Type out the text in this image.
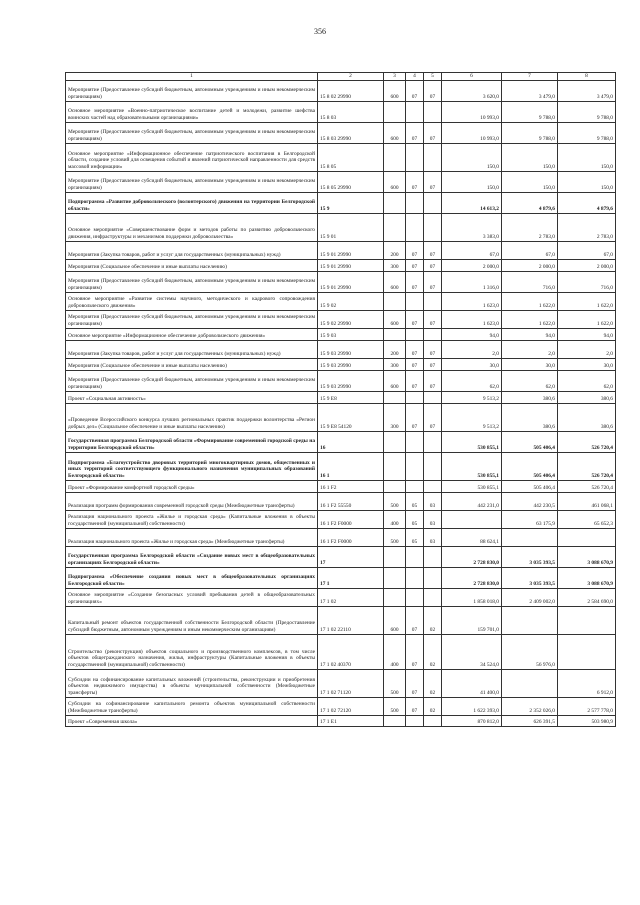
356
1	2	3	4	5	6	7	8
Мероприятие (Предоставление субсидий бюджетным, автономным учреждениям и иным некоммерческим организациям)	15 8 02 29990	600	07	07	3 620,0	3 479,0	3 479,0
Основное мероприятие «Военно-патриотическое воспитание детей и молодежи, развитие шефства воинских частей над образовательными организациями»	15 8 03				10 993,0	9 788,0	9 788,0
Мероприятие (Предоставление субсидий бюджетным, автономным учреждениям и иным некоммерческим организациям)	15 8 03 29990	600	07	07	10 993,0	9 788,0	9 788,0
Основное мероприятие «Информационное обеспечение патриотического воспитания в Белгородской области, создание условий для освещения событий и явлений патриотической направленности для средств массовой информации»	15 8 05				150,0	150,0	150,0
Мероприятие (Предоставление субсидий бюджетным, автономным учреждениям и иным некоммерческим организациям)	15 8 05 29990	600	07	07	150,0	150,0	150,0
Подпрограмма «Развитие добровольческого (волонтерского) движения на территории Белгородской области»	15 9				14 613,2	4 879,6	4 879,6
Основное мероприятие «Совершенствование форм и методов работы по развитию добровольческого движения, инфраструктуры и механизмов поддержки добровольчества»	15 9 01				3 383,0	2 783,0	2 783,0
Мероприятия (Закупка товаров, работ и услуг для государственных (муниципальных) нужд)	15 9 01 29990	200	07	07	67,0	67,0	67,0
Мероприятия (Социальное обеспечение и иные выплаты населению)	15 9 01 29990	300	07	07	2 000,0	2 000,0	2 000,0
Мероприятия (Предоставление субсидий бюджетным, автономным учреждениям и иным некоммерческим организациям)	15 9 01 29990	600	07	07	1 316,0	716,0	716,0
Основное мероприятие «Развитие системы научного, методического и кадрового сопровождения добровольческого движения»	15 9 02				1 623,0	1 622,0	1 622,0
Мероприятия (Предоставление субсидий бюджетным, автономным учреждениям и иным некоммерческим организациям)	15 9 02 29990	600	07	07	1 623,0	1 622,0	1 622,0
Основное мероприятие «Информационное обеспечение добровольческого движения»	15 9 03				94,0	94,0	94,0
Мероприятия (Закупка товаров, работ и услуг для государственных (муниципальных) нужд)	15 9 03 29990	200	07	07	2,0	2,0	2,0
Мероприятия (Социальное обеспечение и иные выплаты населению)	15 9 03 29990	300	07	07	30,0	30,0	30,0
Мероприятия (Предоставление субсидий бюджетным, автономным учреждениям и иным некоммерческим организациям)	15 9 03 29990	600	07	07	62,0	62,0	62,0
Проект «Социальная активность»	15 9 E8				9 513,2	380,6	380,6
«Проведение Всероссийского конкурса лучших региональных практик поддержки волонтерства «Регион добрых дел» (Социальное обеспечение и иные выплаты населению)	15 9 E8 54120	300	07	07	9 513,2	380,6	380,6
Государственная программа Белгородской области «Формирование современной городской среды на территории Белгородской области»	16				530 855,1	505 406,4	526 720,4
Подпрограмма «Благоустройство дворовых территорий многоквартирных домов, общественных и иных территорий соответствующего функционального назначения муниципальных образований Белгородской области»	16 1				530 855,1	505 406,4	526 720,4
Проект «Формирование комфортной городской среды»	16 1 F2				530 855,1	505 406,4	526 720,4
Реализация программ формирования современной городской среды (Межбюджетные трансферты)	16 1 F2 55550	500	05	03	442 231,0	442 230,5	461 068,1
Реализация национального проекта «Жилье и городская среда» (Капитальные вложения в объекты государственной (муниципальной) собственности)	16 1 F2 F0000	400	05	03		63 175,9	65 652,3
Реализация национального проекта «Жилье и городская среда» (Межбюджетные трансферты)	16 1 F2 F0000	500	05	03	88 624,1		
Государственная программа Белгородской области «Создание новых мест в общеобразовательных организациях Белгородской области»	17				2 728 830,0	3 035 393,5	3 088 670,9
Подпрограмма «Обеспечение создания новых мест в общеобразовательных организациях Белгородской области»	17 1				2 728 830,0	3 035 393,5	3 088 670,9
Основное мероприятие «Создание безопасных условий пребывания детей в общеобразовательных организациях»	17 1 02				1 858 018,0	2 409 002,0	2 584 690,0
Капитальный ремонт объектов государственной собственности Белгородской области (Предоставление субсидий бюджетным, автономным учреждениям и иным некоммерческим организациям)	17 1 02 22110	600	07	02	159 701,0		
Строительство (реконструкция) объектов социального и производственного комплексов, в том числе объектов общегражданского назначения, жилья, инфраструктуры (Капитальные вложения в объекты государственной (муниципальной) собственности)	17 1 02 40370	400	07	02	34 524,0	56 976,0	
Субсидии на софинансирование капитальных вложений (строительства, реконструкции и приобретения объектов недвижимого имущества) в объекты муниципальной собственности (Межбюджетные трансферты)	17 1 02 71120	500	07	02	41 400,0		6 912,0
Субсидии на софинансирование капитального ремонта объектов муниципальной собственности (Межбюджетные трансферты)	17 1 02 72120	500	07	02	1 622 393,0	2 352 026,0	2 577 778,0
Проект «Современная школа»	17 1 E1				870 812,0	626 391,5	503 980,9
